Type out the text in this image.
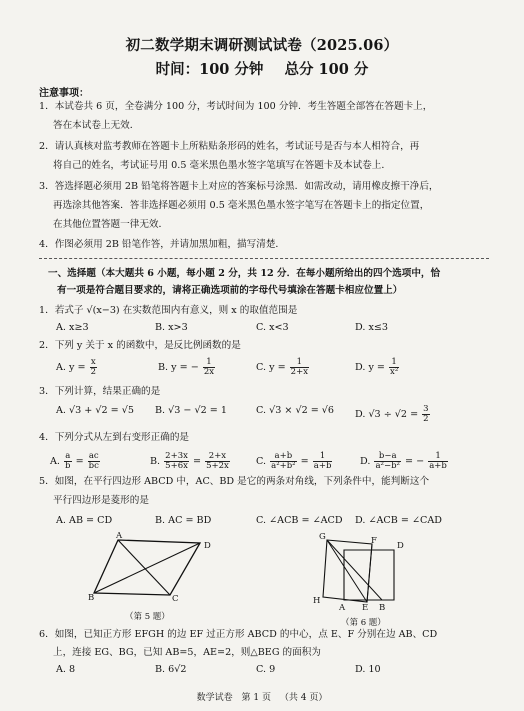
初二数学期末调研测试试卷（2025.06）
时间：100 分钟 总分 100 分
注意事项：
1．本试卷共 6 页，全卷满分 100 分，考试时间为 100 分钟．考生答题全部答在答题卡上，
答在本试卷上无效．
2．请认真核对监考教师在答题卡上所粘贴条形码的姓名，考试证号是否与本人相符合，再
将自己的姓名，考试证号用 0.5 毫米黑色墨水签字笔填写在答题卡及本试卷上．
3．答选择题必须用 2B 铅笔将答题卡上对应的答案标号涂黑．如需改动，请用橡皮擦干净后，
再选涂其他答案．答非选择题必须用 0.5 毫米黑色墨水签字笔写在答题卡上的指定位置，
在其他位置答题一律无效．
4．作图必须用 2B 铅笔作答，并请加黑加粗，描写清楚．
一、选择题（本大题共 6 小题，每小题 2 分，共 12 分．在每小题所给出的四个选项中，恰
有一项是符合题目要求的，请将正确选项前的字母代号填涂在答题卡相应位置上）
1．若式子 √(x−3) 在实数范围内有意义，则 x 的取值范围是
A. x≥3	B. x>3	C. x<3	D. x≤3
2．下列 y 关于 x 的函数中，是反比例函数的是
A. $y = \frac{x}{2}$	B. y = − $\frac{1}{2x}$	C. $y = \frac{1}{2+x}$	D. $y = \frac{1}{\text{x²}}$
3．下列计算，结果正确的是
A. √3 + √2 = √5 B. √3 − √2 = 1	C. √3 × √2 = √6 D. $√3 \div √2 = \frac{3}{2}$
4．下列分式从左到右变形正确的是
A. $\frac{a}{b} = \frac{ac}{bc}$	B. $\frac{2+3x}{5+6x} = \frac{2+x}{5+2x}$	C. $\frac{a+b}{\text{a²+b²}} = \frac{1}{a+b}$	D. $\frac{b-a}{\text{a²−b²}}$ = − $\frac{1}{a+b}$
5．如图，在平行四边形 ABCD 中，AC、BD 是它的两条对角线，下列条件中，能判断这个
平行四边形是菱形的是
A. AB = CD	B. AC = BD	C. ∠ACB = ∠ACD D. ∠ACB = ∠CAD
A
B	C
D
（第 5 题）
G	F D
H
A E B
（第 6 题）
6．如图，已知正方形 EFGH 的边 EF 过正方形 ABCD 的中心，点 E、F 分别在边 AB、CD
上，连接 EG、BG，已知 AB=5，AE=2，则△BEG 的面积为
A. 8	B. 6√2	C. 9	D. 10
数学试卷 第 1 页 （共 4 页）
